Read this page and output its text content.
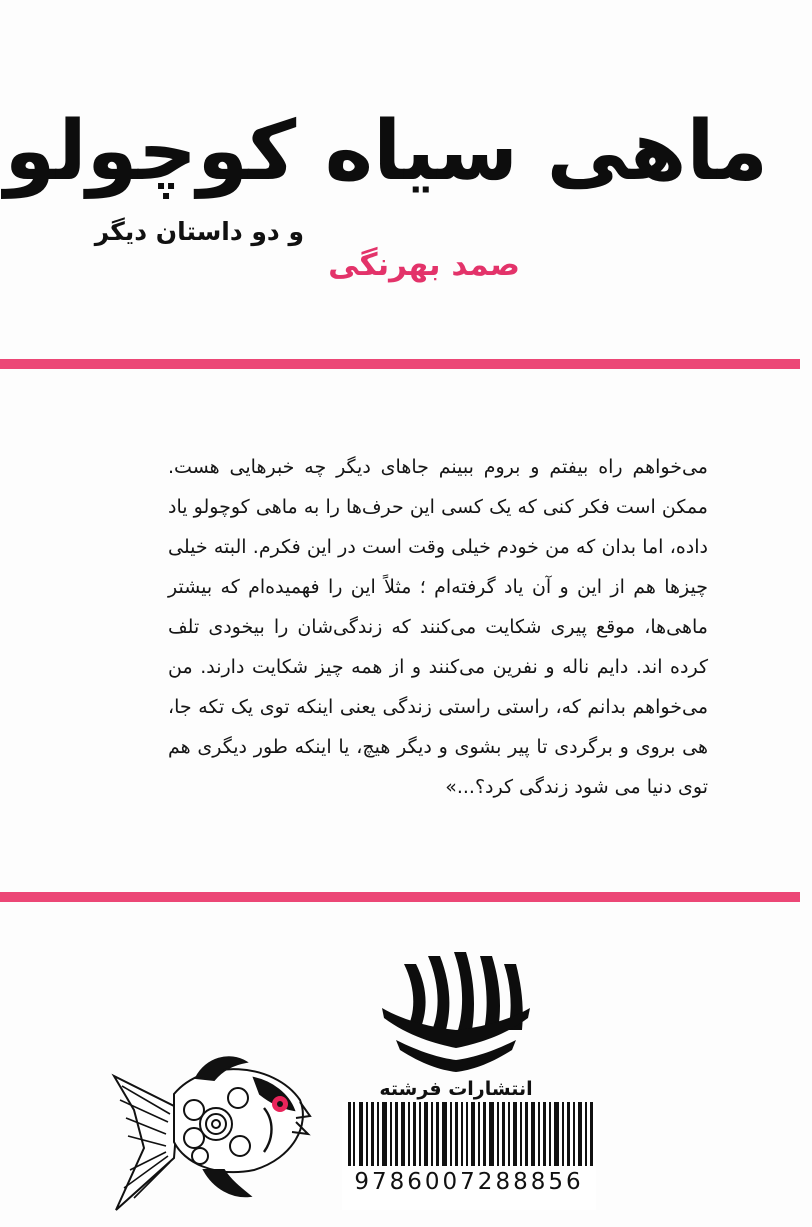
ماهی سیاه کوچولو
و دو داستان دیگر
صمد بهرنگی

می‌خواهم راه بیفتم و بروم ببینم جاهای دیگر چه خبرهایی هست. ممکن است فکر کنی که یک کسی این حرف‌ها را به ماهی کوچولو یاد داده، اما بدان که من خودم خیلی وقت است در این فکرم. البته خیلی چیزها هم از این و آن یاد گرفته‌ام ؛ مثلاً این را فهمیده‌ام که بیشتر ماهی‌ها، موقع پیری شکایت می‌کنند که زندگی‌شان را بیخودی تلف کرده اند. دایم ناله و نفرین می‌کنند و از همه چیز شکایت دارند. من می‌خواهم بدانم که، راستی راستی زندگی یعنی اینکه توی یک تکه جا، هی بروی و برگردی تا پیر بشوی و دیگر هیچ، یا اینکه طور دیگری هم توی دنیا می شود زندگی کرد؟...»

انتشارات فرشته
9786007288856
